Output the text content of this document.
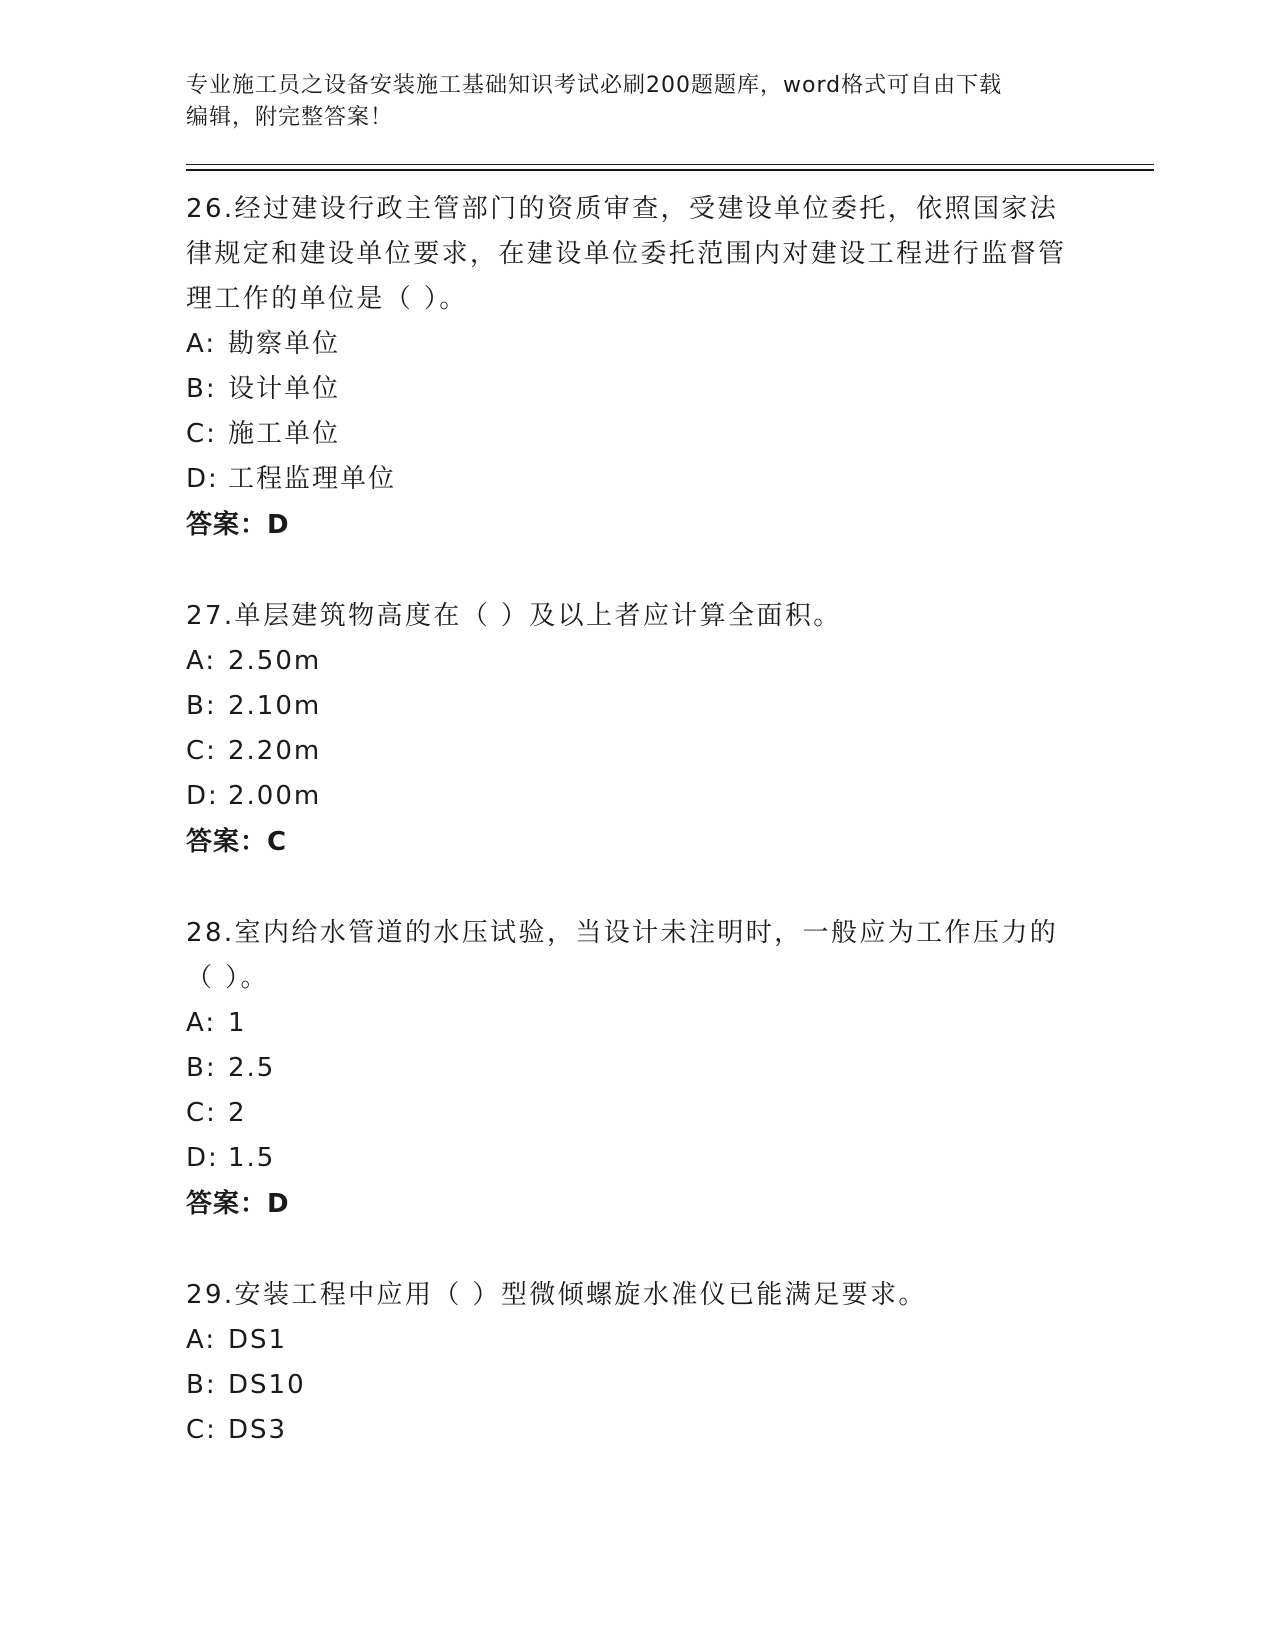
专业施工员之设备安装施工基础知识考试必刷200题题库，word格式可自由下载

编辑，附完整答案！

26.经过建设行政主管部门的资质审查，受建设单位委托，依照国家法律规定和建设单位要求，在建设单位委托范围内对建设工程进行监督管理工作的单位是（ ）。

A: 勘察单位

B: 设计单位

C: 施工单位

D: 工程监理单位

答案：D

27.单层建筑物高度在（ ）及以上者应计算全面积。

A: 2.50m

B: 2.10m

C: 2.20m

D: 2.00m

答案：C

28.室内给水管道的水压试验，当设计未注明时，一般应为工作压力的（ ）。

A: 1

B: 2.5

C: 2

D: 1.5

答案：D

29.安装工程中应用（ ）型微倾螺旋水准仪已能满足要求。

A: DS1

B: DS10

C: DS3
